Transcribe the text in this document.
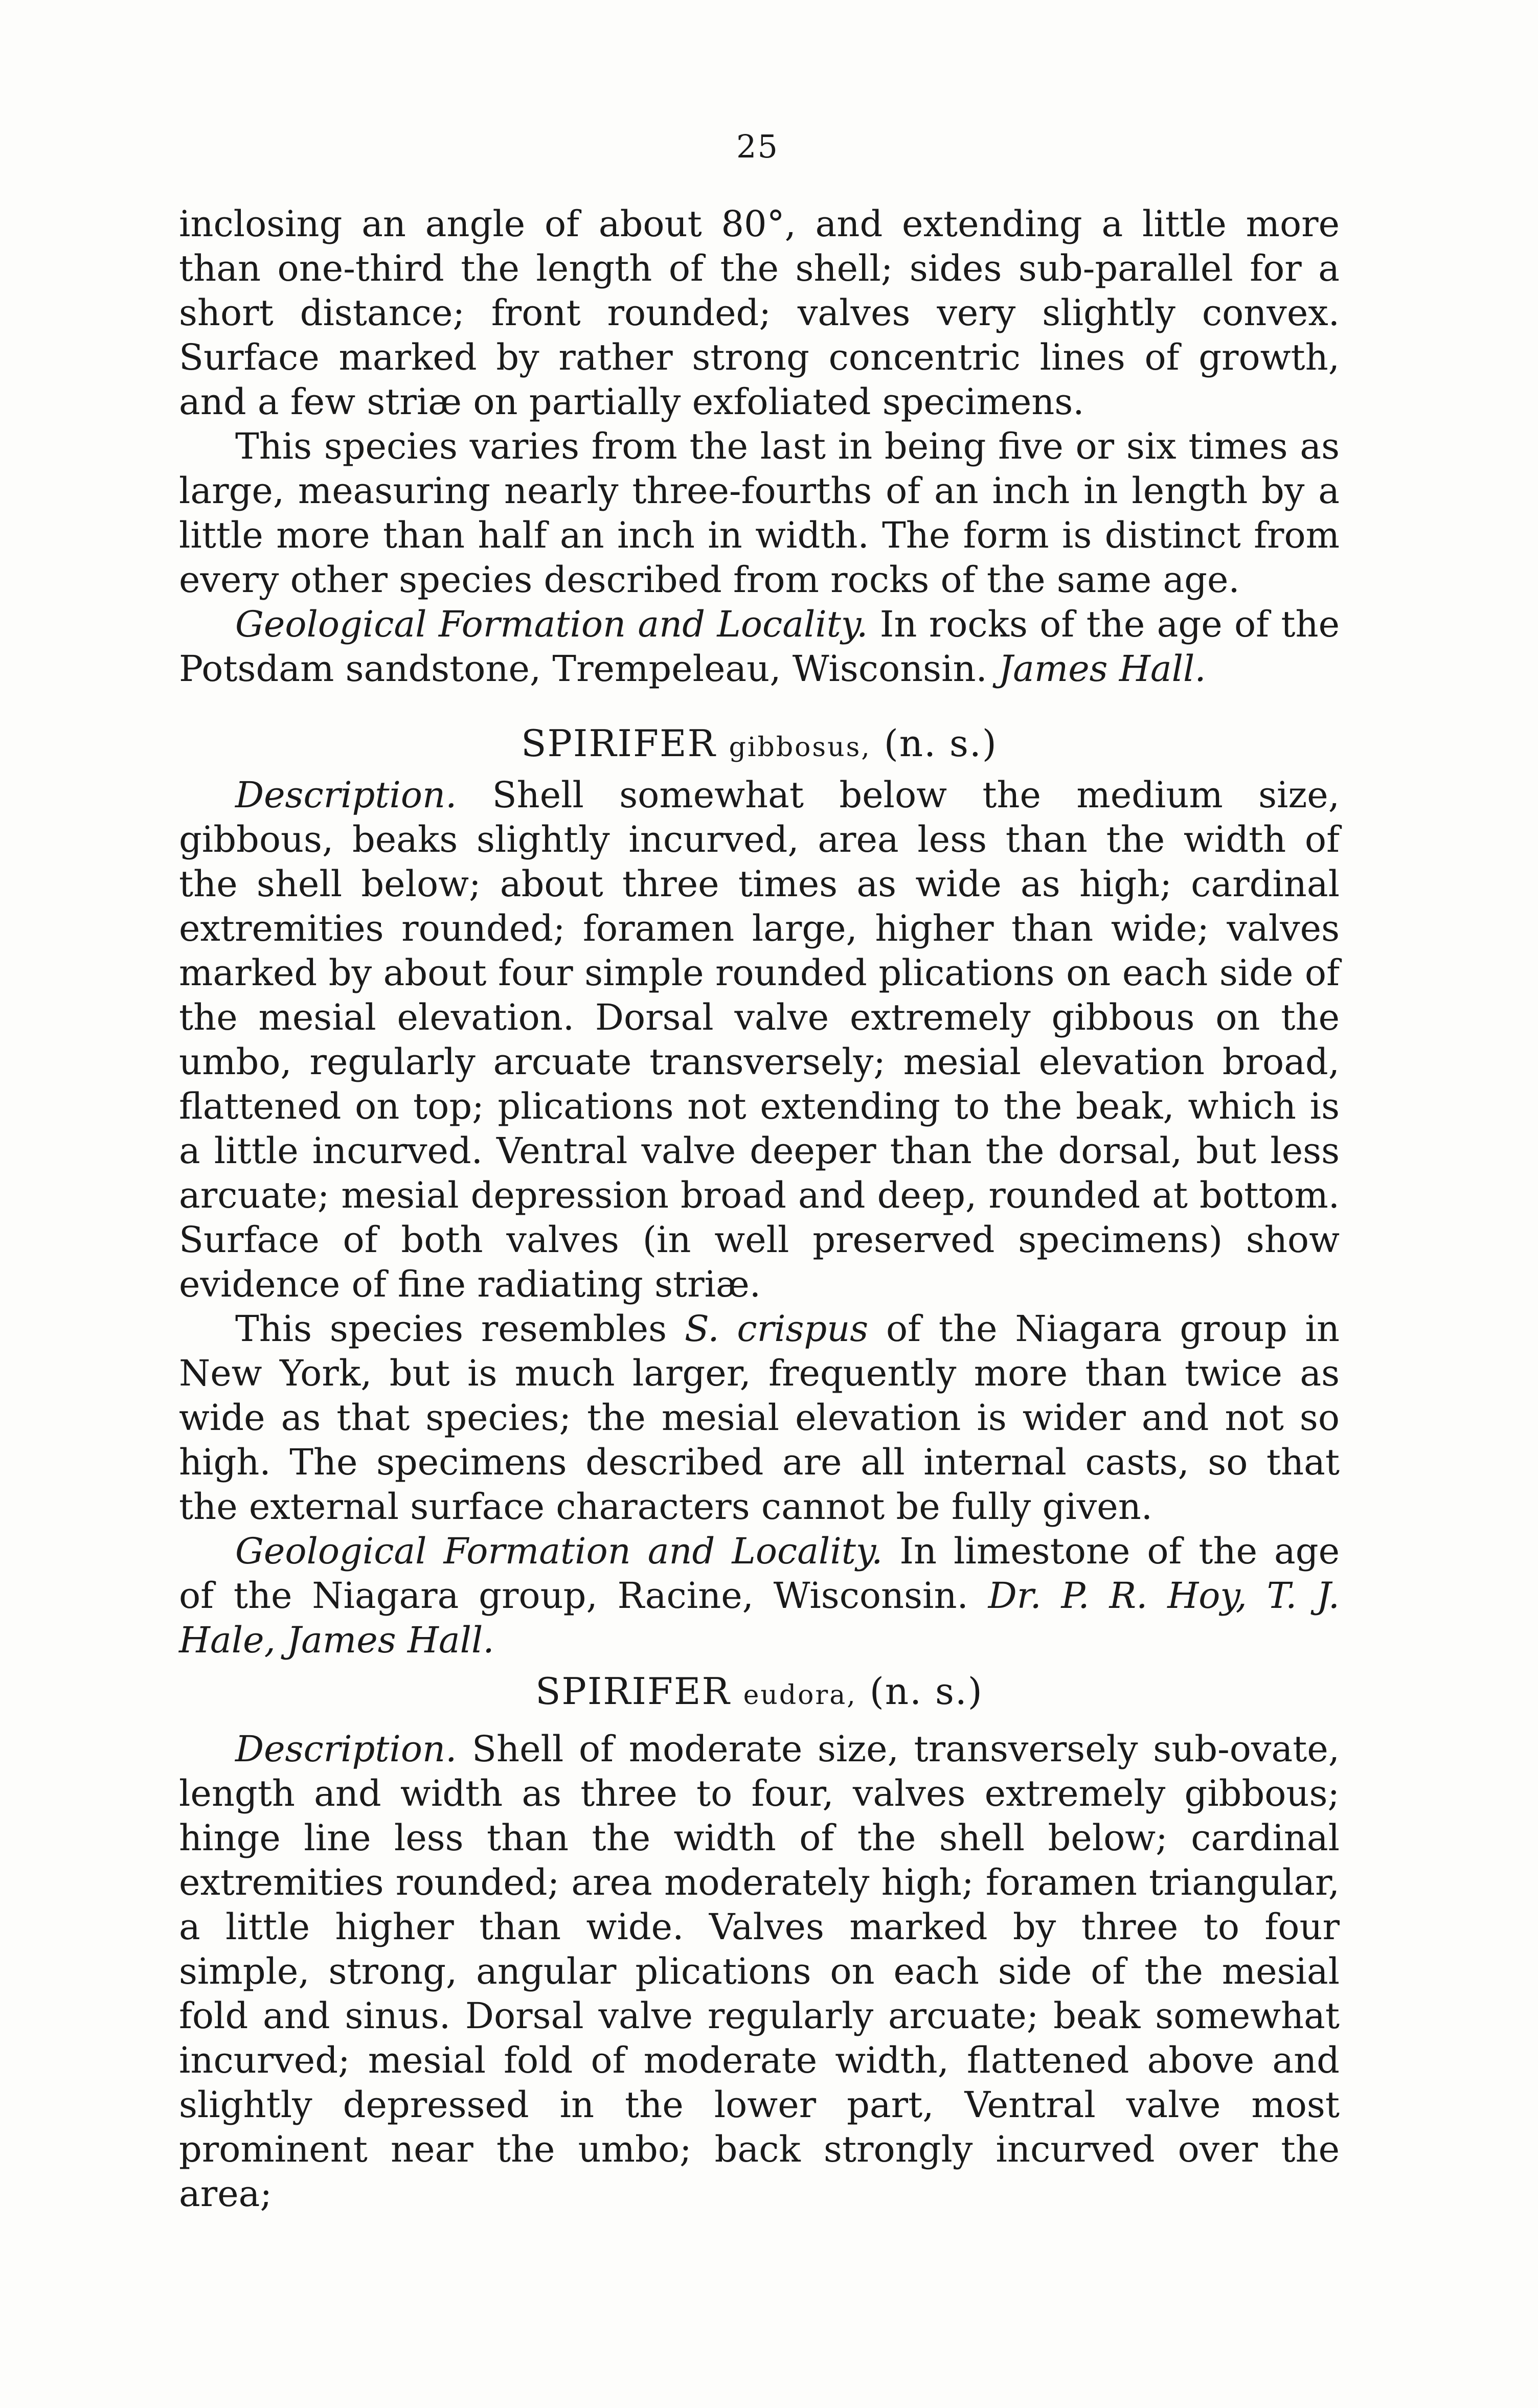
25

inclosing an angle of about 80°, and extending a little more than one-third the length of the shell; sides sub-parallel for a short distance; front rounded; valves very slightly convex. Surface marked by rather strong concentric lines of growth, and a few striæ on partially exfoliated specimens.

This species varies from the last in being five or six times as large, measuring nearly three-fourths of an inch in length by a little more than half an inch in width. The form is distinct from every other species described from rocks of the same age.

Geological Formation and Locality. In rocks of the age of the Potsdam sandstone, Trempeleau, Wisconsin. James Hall.

SPIRIFER gibbosus, (n. s.)

Description. Shell somewhat below the medium size, gibbous, beaks slightly incurved, area less than the width of the shell below; about three times as wide as high; cardinal extremities rounded; foramen large, higher than wide; valves marked by about four simple rounded plications on each side of the mesial elevation. Dorsal valve extremely gibbous on the umbo, regularly arcuate transversely; mesial elevation broad, flattened on top; plications not extending to the beak, which is a little incurved. Ventral valve deeper than the dorsal, but less arcuate; mesial depression broad and deep, rounded at bottom. Surface of both valves (in well preserved specimens) show evidence of fine radiating striæ.

This species resembles S. crispus of the Niagara group in New York, but is much larger, frequently more than twice as wide as that species; the mesial elevation is wider and not so high. The specimens described are all internal casts, so that the external surface characters cannot be fully given.

Geological Formation and Locality. In limestone of the age of the Niagara group, Racine, Wisconsin. Dr. P. R. Hoy, T. J. Hale, James Hall.

SPIRIFER eudora, (n. s.)

Description. Shell of moderate size, transversely sub-ovate, length and width as three to four, valves extremely gibbous; hinge line less than the width of the shell below; cardinal extremities rounded; area moderately high; foramen triangular, a little higher than wide. Valves marked by three to four simple, strong, angular plications on each side of the mesial fold and sinus. Dorsal valve regularly arcuate; beak somewhat incurved; mesial fold of moderate width, flattened above and slightly depressed in the lower part, Ventral valve most prominent near the umbo; back strongly incurved over the area;
